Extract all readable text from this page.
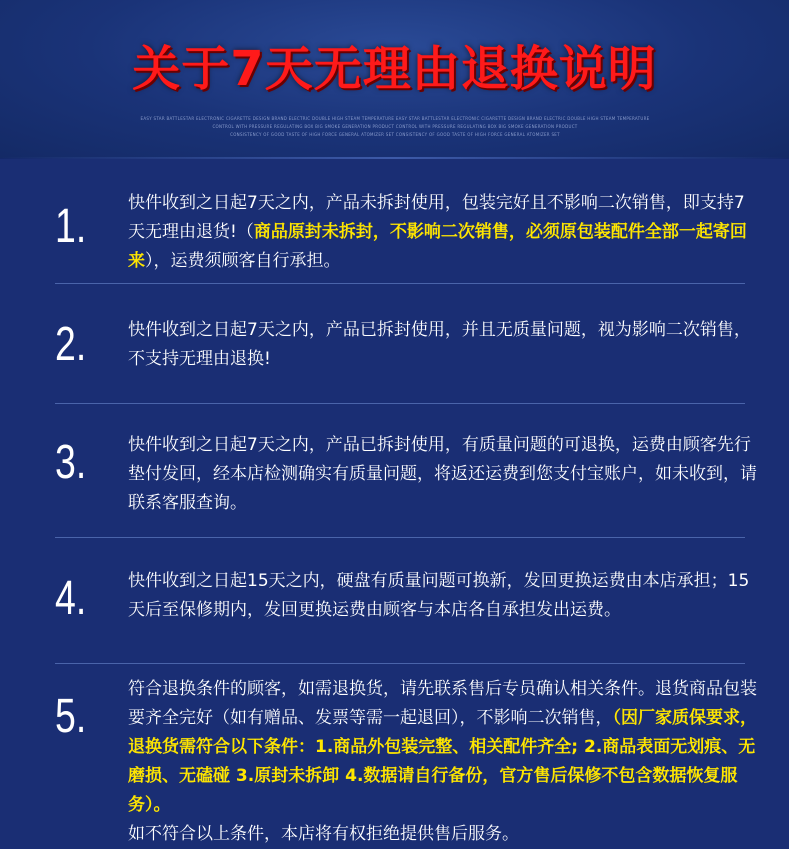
关于7天无理由退换说明
EASY STAR BATTLESTAR ELECTRONIC CIGARETTE DESIGN BRAND ELECTRIC DOUBLE HIGH STEAM TEMPERATURE EASY STAR BATTLESTAR ELECTRONIC CIGARETTE DESIGN BRAND ELECTRIC DOUBLE HIGH STEAM TEMPERATURE
CONTROL WITH PRESSURE REGULATING BOX BIG SMOKE GENERATION PRODUCT CONTROL WITH PRESSURE REGULATING BOX BIG SMOKE GENERATION PRODUCT
CONSISTENCY OF GOOD TASTE OF HIGH FORCE GENERAL ATOMIZER SET CONSISTENCY OF GOOD TASTE OF HIGH FORCE GENERAL ATOMIZER SET
1. 快件收到之日起7天之内，产品未拆封使用，包装完好且不影响二次销售，即支持7天无理由退货!（商品原封未拆封，不影响二次销售，必须原包装配件全部一起寄回来），运费须顾客自行承担。
2. 快件收到之日起7天之内，产品已拆封使用，并且无质量问题，视为影响二次销售，不支持无理由退换!
3. 快件收到之日起7天之内，产品已拆封使用，有质量问题的可退换，运费由顾客先行垫付发回，经本店检测确实有质量问题，将返还运费到您支付宝账户，如未收到，请联系客服查询。
4. 快件收到之日起15天之内，硬盘有质量问题可换新，发回更换运费由本店承担；15天后至保修期内，发回更换运费由顾客与本店各自承担发出运费。
5.
符合退换条件的顾客，如需退换货，请先联系售后专员确认相关条件。退货商品包装要齐全完好（如有赠品、发票等需一起退回），不影响二次销售，（因厂家质保要求，退换货需符合以下条件：1.商品外包装完整、相关配件齐全; 2.商品表面无划痕、无磨损、无磕碰 3.原封未拆卸 4.数据请自行备份，官方售后保修不包含数据恢复服务）。
如不符合以上条件，本店将有权拒绝提供售后服务。
